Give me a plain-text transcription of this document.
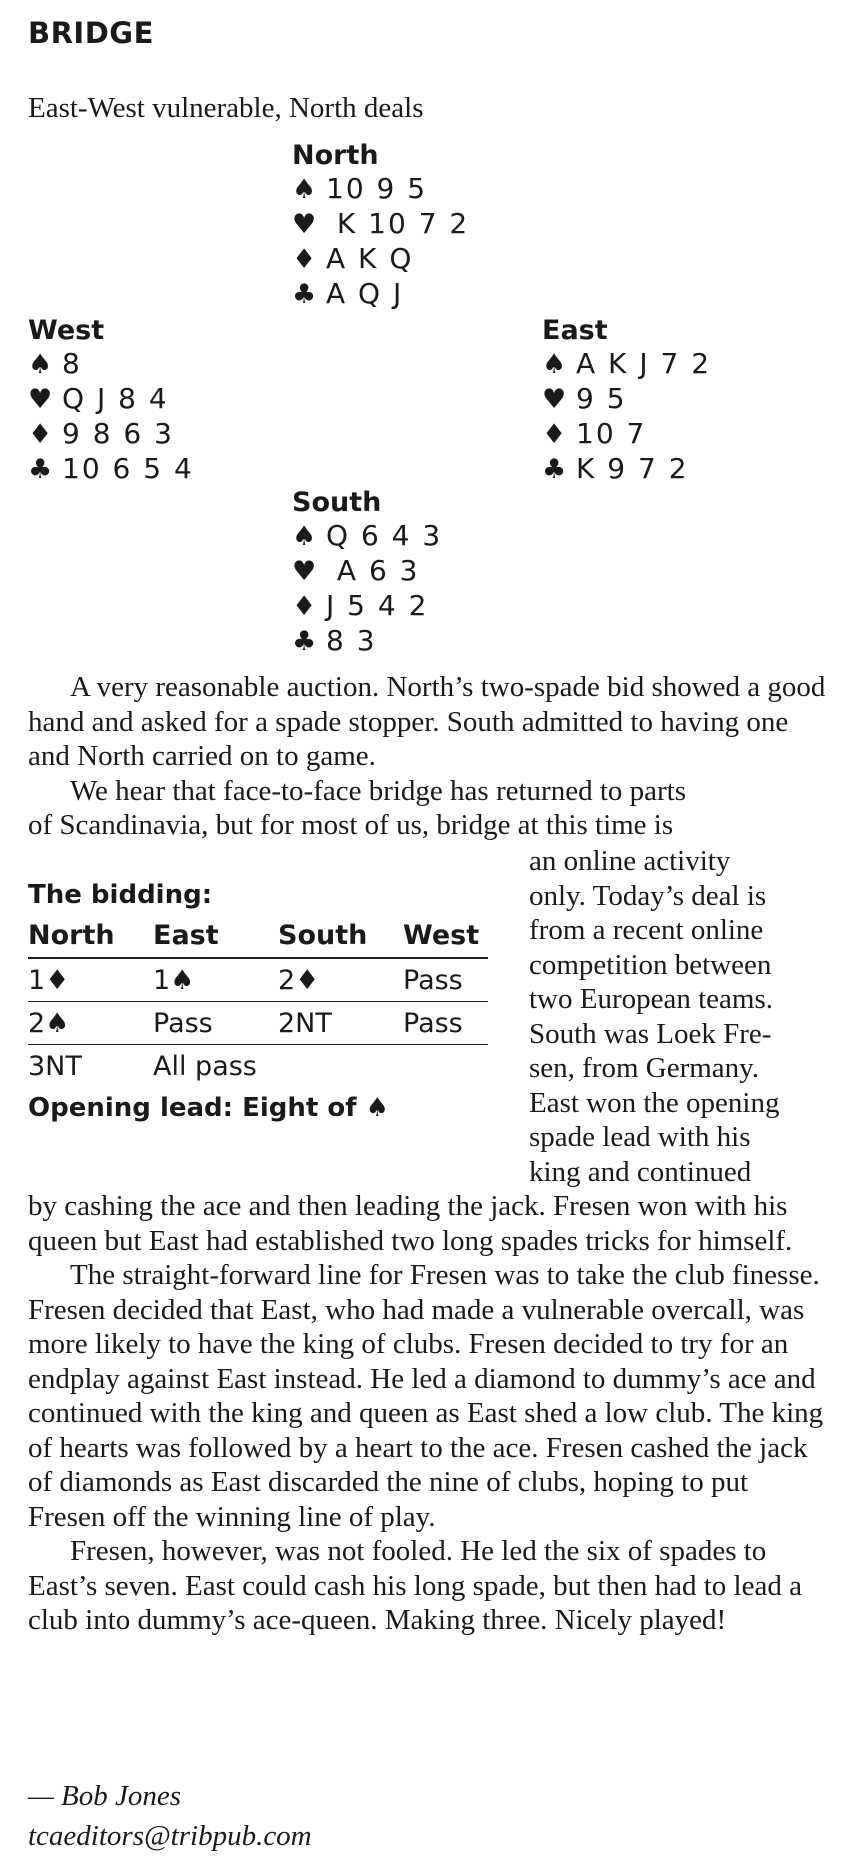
BRIDGE
East-West vulnerable, North deals
North
♠ 10 9 5
♥ K 10 7 2
♦ A K Q
♣ A Q J
West
♠ 8
♥ Q J 8 4
♦ 9 8 6 3
♣ 10 6 5 4
East
♠ A K J 7 2
♥ 9 5
♦ 10 7
♣ K 9 7 2
South
♠ Q 6 4 3
♥ A 6 3
♦ J 5 4 2
♣ 8 3

A very reasonable auction. North’s two-spade bid showed a good hand and asked for a spade stopper. South admitted to having one and North carried on to game.

We hear that face-to-face bridge has returned to parts
of Scandinavia, but for most of us, bridge at this time is
an online activity
only. Today’s deal is
from a recent online
competition between
two European teams.
South was Loek Fre-
sen, from Germany.
East won the opening
spade lead with his
king and continued
The bidding:
North	East	South	West
1♦	1♠	2♦	Pass
2♠	Pass	2NT	Pass
3NT	All pass		
Opening lead: Eight of ♠

by cashing the ace and then leading the jack. Fresen won with his queen but East had established two long spades tricks for himself.

The straight-forward line for Fresen was to take the club finesse. Fresen decided that East, who had made a vulnerable overcall, was more likely to have the king of clubs. Fresen decided to try for an endplay against East instead. He led a diamond to dummy’s ace and continued with the king and queen as East shed a low club. The king of hearts was followed by a heart to the ace. Fresen cashed the jack of diamonds as East discarded the nine of clubs, hoping to put Fresen off the winning line of play.

Fresen, however, was not fooled. He led the six of spades to East’s seven. East could cash his long spade, but then had to lead a club into dummy’s ace-queen. Making three. Nicely played!

— Bob Jones
tcaeditors@tribpub.com
